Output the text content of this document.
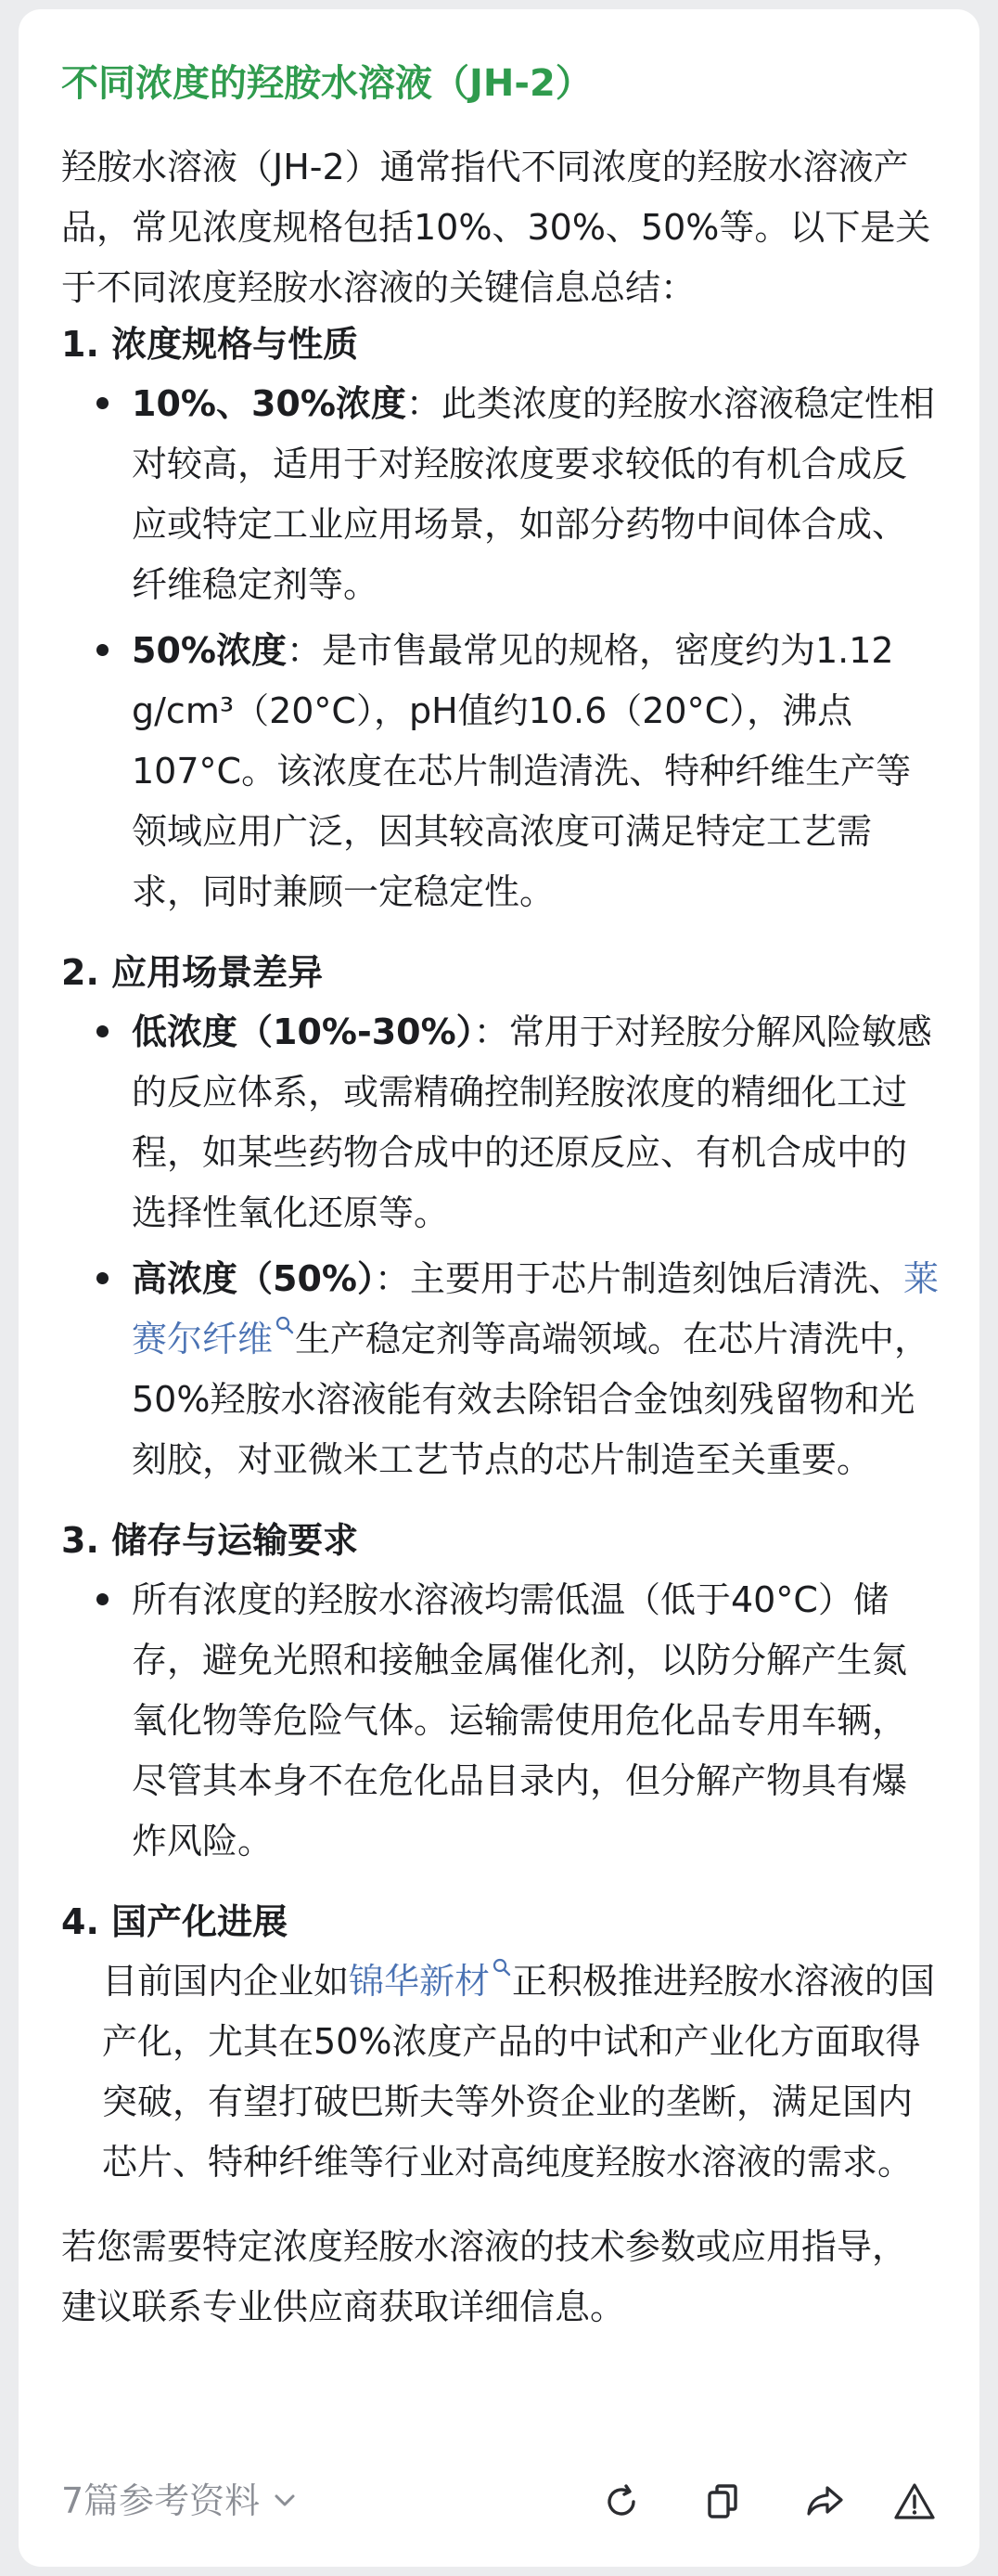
不同浓度的羟胺水溶液（JH-2）

羟胺水溶液（JH-2）通常指代不同浓度的羟胺水溶液产品，常见浓度规格包括10%、30%、50%等。以下是关于不同浓度羟胺水溶液的关键信息总结：

1. 浓度规格与性质

10%、30%浓度：此类浓度的羟胺水溶液稳定性相对较高，适用于对羟胺浓度要求较低的有机合成反应或特定工业应用场景，如部分药物中间体合成、纤维稳定剂等。

50%浓度：是市售最常见的规格，密度约为1.12 g/cm³（20°C），pH值约10.6（20°C），沸点107°C。该浓度在芯片制造清洗、特种纤维生产等领域应用广泛，因其较高浓度可满足特定工艺需求，同时兼顾一定稳定性。

2. 应用场景差异

低浓度（10%-30%）：常用于对羟胺分解风险敏感的反应体系，或需精确控制羟胺浓度的精细化工过程，如某些药物合成中的还原反应、有机合成中的选择性氧化还原等。

高浓度（50%）：主要用于芯片制造刻蚀后清洗、莱赛尔纤维 生产稳定剂等高端领域。在芯片清洗中，50%羟胺水溶液能有效去除铝合金蚀刻残留物和光刻胶，对亚微米工艺节点的芯片制造至关重要。

3. 储存与运输要求

所有浓度的羟胺水溶液均需低温（低于40°C）储存，避免光照和接触金属催化剂，以防分解产生氮氧化物等危险气体。运输需使用危化品专用车辆，尽管其本身不在危化品目录内，但分解产物具有爆炸风险。

4. 国产化进展

目前国内企业如锦华新材 正积极推进羟胺水溶液的国产化，尤其在50%浓度产品的中试和产业化方面取得突破，有望打破巴斯夫等外资企业的垄断，满足国内芯片、特种纤维等行业对高纯度羟胺水溶液的需求。

若您需要特定浓度羟胺水溶液的技术参数或应用指导，建议联系专业供应商获取详细信息。

7篇参考资料
